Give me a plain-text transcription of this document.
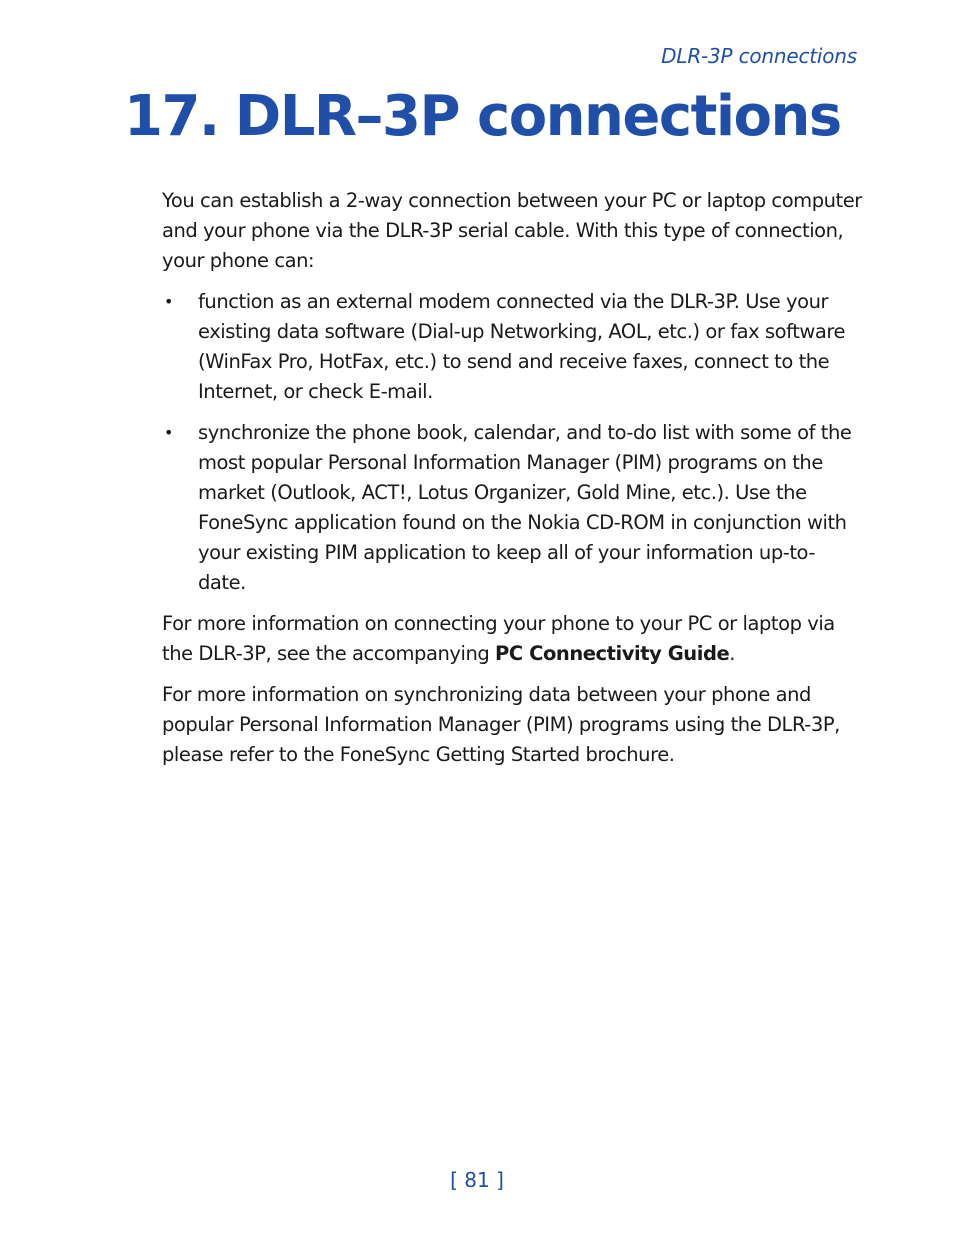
DLR-3P connections
17. DLR–3P connections

You can establish a 2-way connection between your PC or laptop computer and your phone via the DLR-3P serial cable. With this type of connection, your phone can:

• function as an external modem connected via the DLR-3P. Use your existing data software (Dial-up Networking, AOL, etc.) or fax software (WinFax Pro, HotFax, etc.) to send and receive faxes, connect to the Internet, or check E-mail.
• synchronize the phone book, calendar, and to-do list with some of the most popular Personal Information Manager (PIM) programs on the market (Outlook, ACT!, Lotus Organizer, Gold Mine, etc.). Use the FoneSync application found on the Nokia CD-ROM in conjunction with your existing PIM application to keep all of your information up-to-date.

For more information on connecting your phone to your PC or laptop via the DLR-3P, see the accompanying PC Connectivity Guide.

For more information on synchronizing data between your phone and popular Personal Information Manager (PIM) programs using the DLR-3P, please refer to the FoneSync Getting Started brochure.

[ 81 ]
